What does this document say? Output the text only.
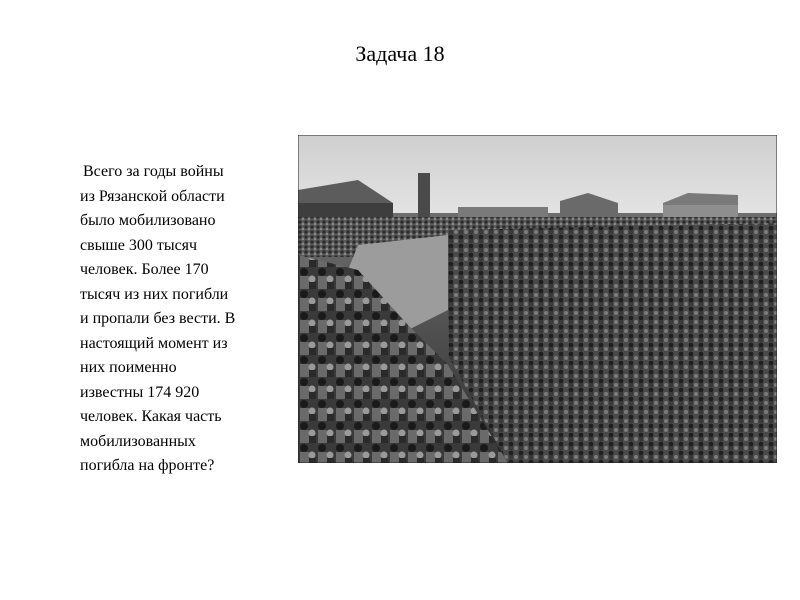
Задача 18
Всего за годы войны
из Рязанской области
было мобилизовано
свыше 300 тысяч
человек. Более 170
тысяч из них погибли
и пропали без вести. В
настоящий момент из
них поименно
известны 174 920
человек. Какая часть
мобилизованных
погибла на фронте?
